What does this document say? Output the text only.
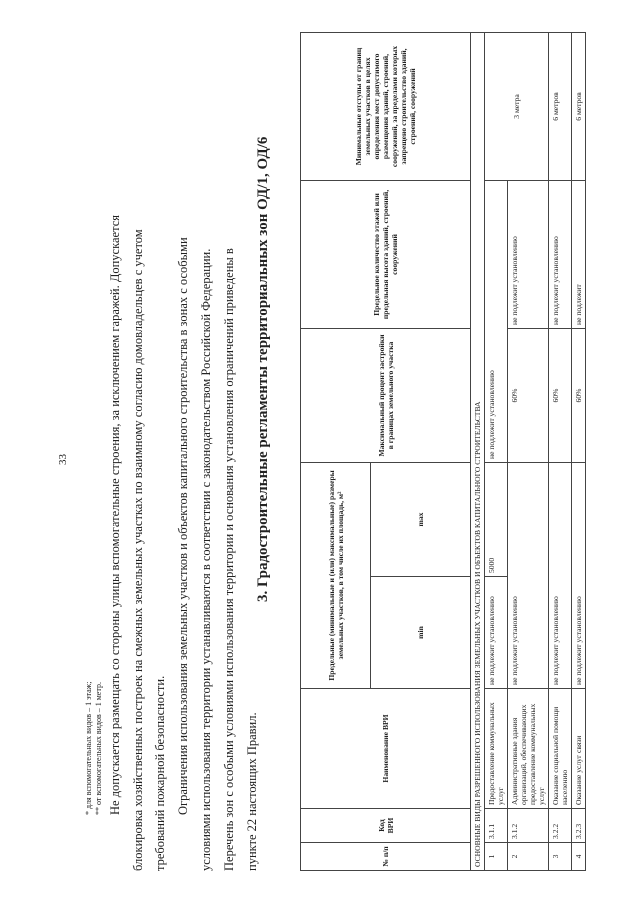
33
* для вспомогательных видов – 1 этаж; ** от вспомогательных видов – 1 метр. Не допускается размещать со стороны улицы вспомогательные строения, за исключением гаражей. Допускается блокировка хозяйственных построек на смежных земельных участках по взаимному согласию домовладельцев с учетом требований пожарной безопасности. Ограничения использования земельных участков и объектов капитального строительства в зонах с особыми условиями использования территории устанавливаются в соответствии с законодательством Российской Федерации. Перечень зон с особыми условиями использования территории и основания установления ограничений приведены в пункте 22 настоящих Правил.
3. Градостроительные регламенты территориальных зон ОД/1, ОД/6
№ п/п	Код ВРИ	Наименование ВРИ	Предельные (минимальные и (или) максимальные) размеры земельных участков, в том числе их площадь, м²		Максимальный процент застройки в границах земельного участка	Предельное количество этажей или предельная высота зданий, строений, сооружений	Минимальные отступы от границ земельных участков в целях определения мест допустимого размещения зданий, строений, сооружений, за пределами которых запрещено строительство зданий, строений, сооружений
			min	max			
ОСНОВНЫЕ ВИДЫ РАЗРЕШЕННОГО ИСПОЛЬЗОВАНИЯ ЗЕМЕЛЬНЫХ УЧАСТКОВ И ОБЪЕКТОВ КАПИТАЛЬНОГО СТРОИТЕЛЬСТВА							
1	3.1.1	Предоставление коммунальных услуг	не подлежит установлению	5000	не подлежит установлению		3 метра
2	3.1.2	Административные здания организаций, обеспечивающих предоставление коммунальных услуг	не подлежит установлению		60%	не подлежит установлению	
3	3.2.2	Оказание социальной помощи населению	не подлежит установлению		60%	не подлежит установлению	6 метров
4	3.2.3	Оказание услуг связи	не подлежит установлению		60%	не подлежит	6 метров
